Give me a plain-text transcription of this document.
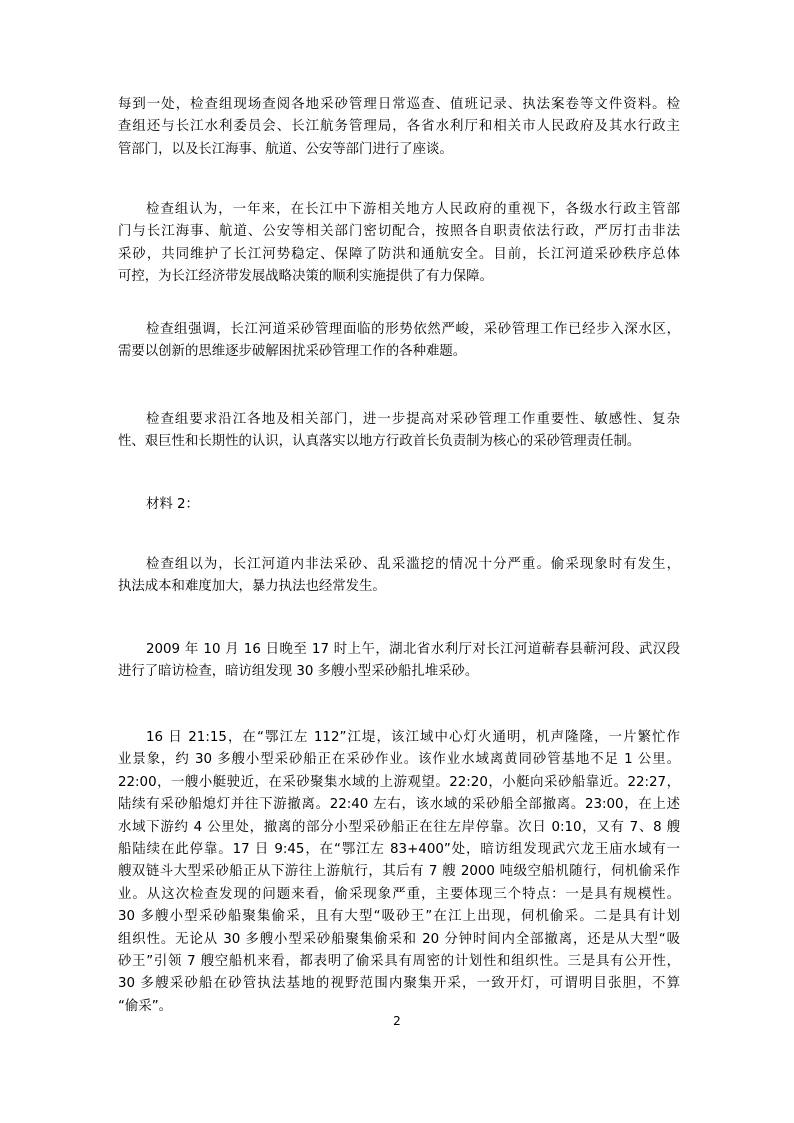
每到一处，检查组现场查阅各地采砂管理日常巡查、值班记录、执法案卷等文件资料。检
查组还与长江水利委员会、长江航务管理局，各省水利厅和相关市人民政府及其水行政主
管部门，以及长江海事、航道、公安等部门进行了座谈。
检查组认为，一年来，在长江中下游相关地方人民政府的重视下，各级水行政主管部
门与长江海事、航道、公安等相关部门密切配合，按照各自职责依法行政，严厉打击非法
采砂，共同维护了长江河势稳定、保障了防洪和通航安全。目前，长江河道采砂秩序总体
可控，为长江经济带发展战略决策的顺利实施提供了有力保障。
检查组强调，长江河道采砂管理面临的形势依然严峻，采砂管理工作已经步入深水区，
需要以创新的思维逐步破解困扰采砂管理工作的各种难题。
检查组要求沿江各地及相关部门，进一步提高对采砂管理工作重要性、敏感性、复杂
性、艰巨性和长期性的认识，认真落实以地方行政首长负责制为核心的采砂管理责任制。
材料 2：
检查组以为，长江河道内非法采砂、乱采滥挖的情况十分严重。偷采现象时有发生，
执法成本和难度加大，暴力执法也经常发生。
2009 年 10 月 16 日晚至 17 时上午，湖北省水利厅对长江河道蕲春县蕲河段、武汉段
进行了暗访检查，暗访组发现 30 多艘小型采砂船扎堆采砂。
16 日 21:15，在“鄂江左 112”江堤，该江域中心灯火通明，机声隆隆，一片繁忙作
业景象，约 30 多艘小型采砂船正在采砂作业。该作业水域离黄同砂管基地不足 1 公里。
22:00，一艘小艇驶近，在采砂聚集水域的上游观望。22:20，小艇向采砂船靠近。22:27，
陆续有采砂船熄灯并往下游撤离。22:40 左右，该水域的采砂船全部撤离。23:00，在上述
水域下游约 4 公里处，撤离的部分小型采砂船正在往左岸停靠。次日 0:10，又有 7、8 艘
船陆续在此停靠。17 日 9:45，在“鄂江左 83+400”处，暗访组发现武穴龙王庙水域有一
艘双链斗大型采砂船正从下游往上游航行，其后有 7 艘 2000 吨级空船机随行，伺机偷采作
业。从这次检查发现的问题来看，偷采现象严重，主要体现三个特点：一是具有规模性。
30 多艘小型采砂船聚集偷采，且有大型“吸砂王”在江上出现，伺机偷采。二是具有计划
组织性。无论从 30 多艘小型采砂船聚集偷采和 20 分钟时间内全部撤离，还是从大型“吸
砂王”引领 7 艘空船机来看，都表明了偷采具有周密的计划性和组织性。三是具有公开性，
30 多艘采砂船在砂管执法基地的视野范围内聚集开采，一致开灯，可谓明目张胆，不算
“偷采”。
2
